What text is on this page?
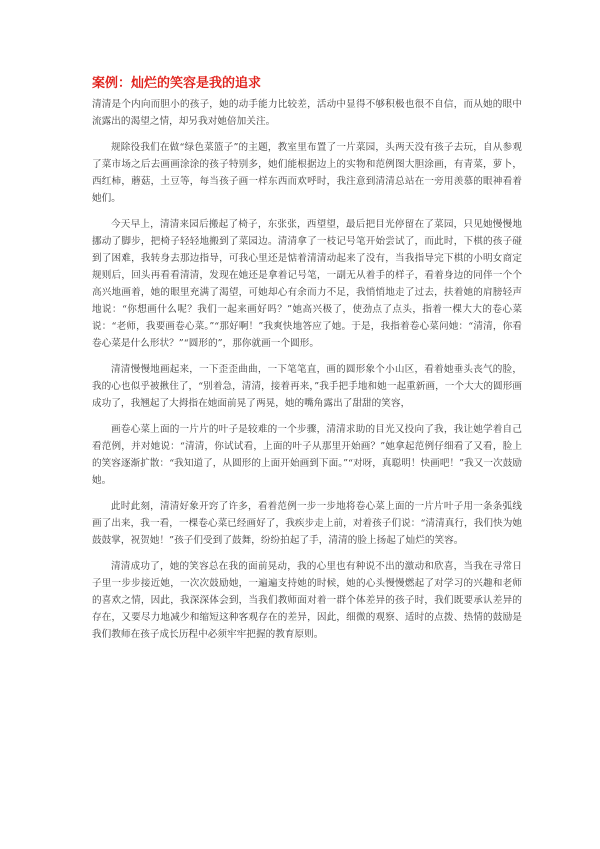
案例：灿烂的笑容是我的追求

清清是个内向而胆小的孩子，她的动手能力比较差，活动中显得不够积极也很不自信，而从她的眼中流露出的渴望之情，却另我对她倍加关注。

规除役我们在做“绿色菜篮子”的主题，教室里布置了一片菜园，头两天没有孩子去玩，自从参观了菜市场之后去画画涂涂的孩子特别多，她们能根据边上的实物和范例图大胆涂画，有青菜，萝卜，西红柿，蘑菇，土豆等，每当孩子画一样东西而欢呼时，我注意到清清总站在一旁用羡慕的眼神看着她们。

今天早上，清清来园后搬起了椅子，东张张，西望望，最后把目光停留在了菜园，只见她慢慢地挪动了脚步，把椅子轻轻地搬到了菜园边。清清拿了一枝记号笔开始尝试了，而此时，下棋的孩子碰到了困难，我转身去那边指导，可我心里还是惦着清清动起来了没有，当我指导完下棋的小明女商定规则后，回头再看看清清，发现在她还是拿着记号笔，一副无从着手的样子，看着身边的同伴一个个高兴地画着，她的眼里充满了渴望，可她却心有余而力不足，我悄悄地走了过去，扶着她的肩膀轻声地说：“你想画什么呢？我们一起来画好吗？”她高兴极了，使劲点了点头，指着一棵大大的卷心菜说：“老师，我要画卷心菜。”“那好啊！”我爽快地答应了她。于是，我指着卷心菜问她：“清清，你看卷心菜是什么形状？”“圆形的”，那你就画一个圆形。

清清慢慢地画起来，一下歪歪曲曲，一下笔笔直，画的圆形象个小山区，看着她垂头丧气的脸，我的心也似乎被揪住了，“别着急，清清，接着再来，”我手把手地和她一起重新画，一个大大的圆形画成功了，我翘起了大拇指在她面前晃了两晃，她的嘴角露出了甜甜的笑容，

画卷心菜上面的一片片的叶子是较难的一个步骤，清清求助的目光又投向了我，我让她学着自己看范例，并对她说：“清清，你试试看，上面的叶子从那里开始画？”她拿起范例仔细看了又看，脸上的笑容逐渐扩散：“我知道了，从圆形的上面开始画到下面。”“对呀，真聪明！快画吧！”我又一次鼓励她。

此时此刻，清清好象开窍了许多，看着范例一步一步地将卷心菜上面的一片片叶子用一条条弧线画了出来，我一看，一棵卷心菜已经画好了，我疾步走上前，对着孩子们说：“清清真行，我们快为她鼓鼓掌，祝贺她！”孩子们受到了鼓舞，纷纷拍起了手，清清的脸上扬起了灿烂的笑容。

清清成功了，她的笑容总在我的面前晃动，我的心里也有种说不出的激动和欣喜，当我在寻常日子里一步步接近她，一次次鼓励她，一遍遍支持她的时候，她的心头慢慢燃起了对学习的兴趣和老师的喜欢之情，因此，我深深体会到，当我们教师面对着一群个体差异的孩子时，我们既要承认差异的存在，又要尽力地减少和缩短这种客观存在的差异，因此，细微的观察、适时的点拨、热情的鼓励是我们教师在孩子成长历程中必须牢牢把握的教育原则。
